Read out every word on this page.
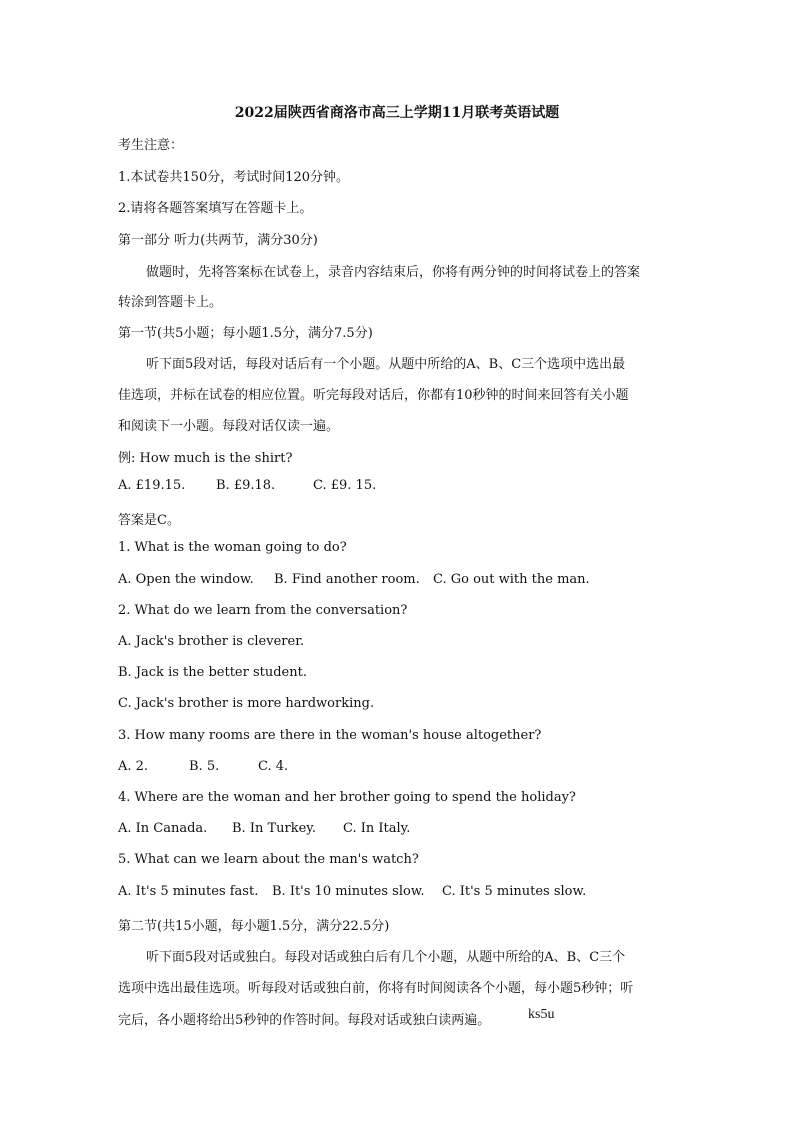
2022届陕西省商洛市高三上学期11月联考英语试题
考生注意：
1.本试卷共150分，考试时间120分钟。
2.请将各题答案填写在答题卡上。
第一部分 听力(共两节，满分30分)
做题时，先将答案标在试卷上，录音内容结束后，你将有两分钟的时间将试卷上的答案
转涂到答题卡上。
第一节(共5小题；每小题1.5分，满分7.5分)
听下面5段对话，每段对话后有一个小题。从题中所给的A、B、C三个选项中选出最
佳选项，并标在试卷的相应位置。听完每段对话后，你都有10秒钟的时间来回答有关小题
和阅读下一小题。每段对话仅读一遍。
例: How much is the shirt?
A. £19.15. B. £9.18.	C. £9. 15.
答案是C。
1. What is the woman going to do?
A. Open the window. B. Find another room. C. Go out with the man.
2. What do we learn from the conversation?
A. Jack's brother is cleverer.
B. Jack is the better student.
C. Jack's brother is more hardworking.
3. How many rooms are there in the woman's house altogether?
A. 2.	B. 5.	C. 4.
4. Where are the woman and her brother going to spend the holiday?
A. In Canada. B. In Turkey. C. In Italy.
5. What can we learn about the man's watch?
A. It's 5 minutes fast. B. It's 10 minutes slow. C. It's 5 minutes slow.
第二节(共15小题，每小题1.5分，满分22.5分)
听下面5段对话或独白。每段对话或独白后有几个小题，从题中所给的A、B、C三个
选项中选出最佳选项。听每段对话或独白前，你将有时间阅读各个小题，每小题5秒钟；听
完后，各小题将给出5秒钟的作答时间。每段对话或独白读两遍。	ks5u
